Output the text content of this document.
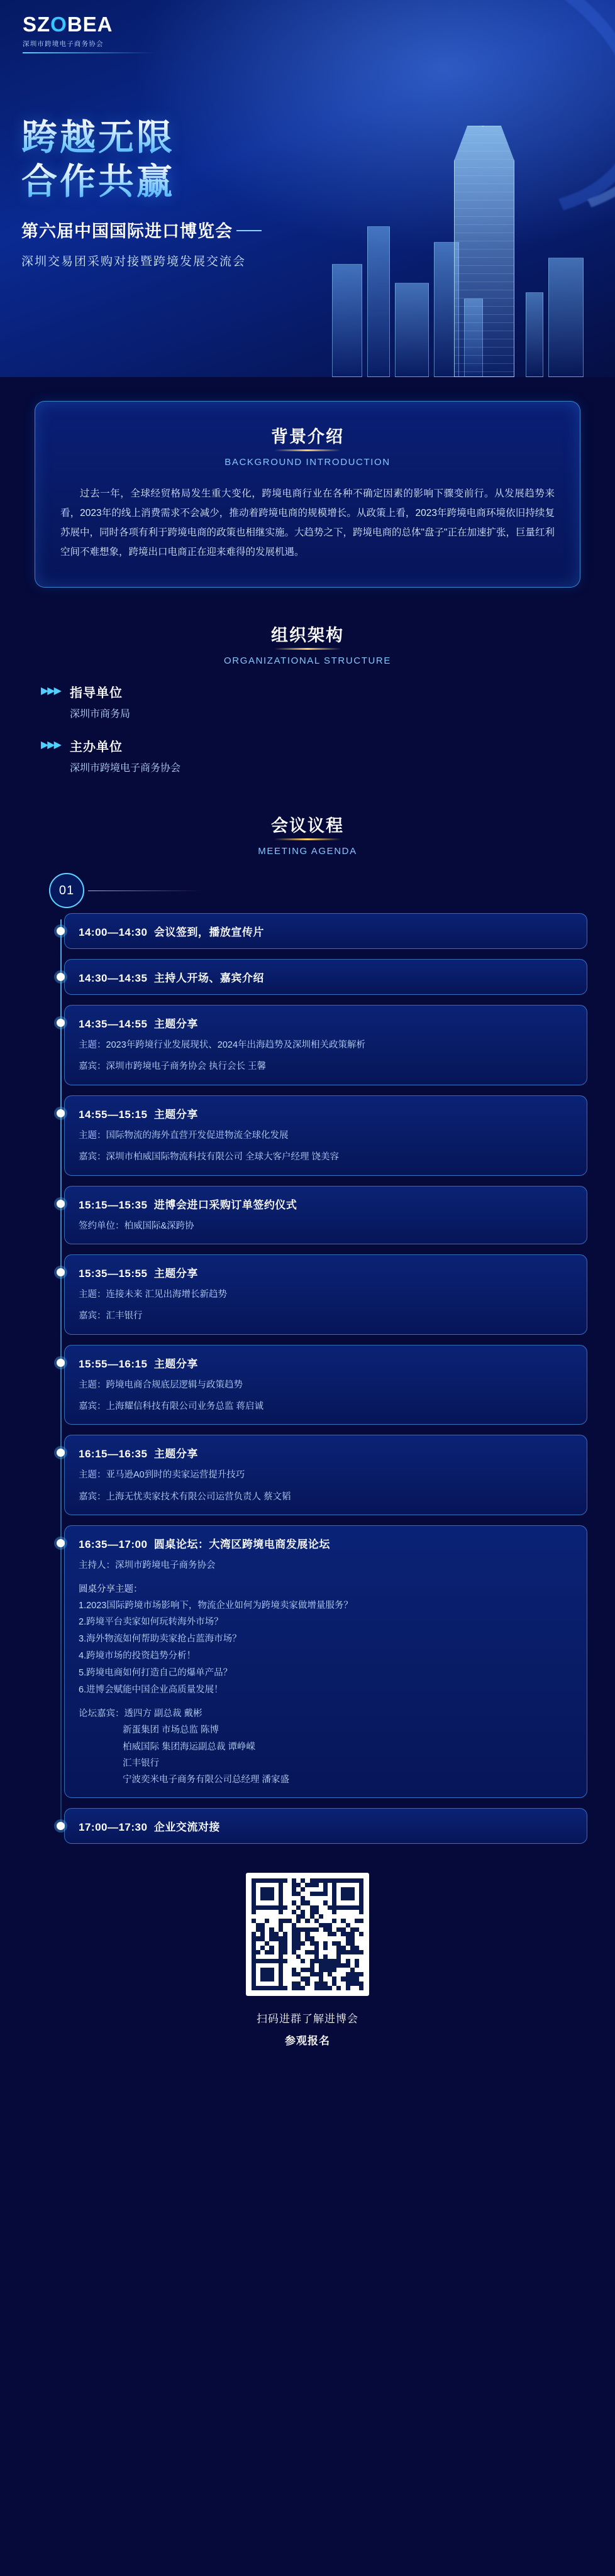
SZOBEA
深圳市跨境电子商务协会
跨越无限
合作共赢
第六届中国国际进口博览会
深圳交易团采购对接暨跨境发展交流会
背景介绍
BACKGROUND INTRODUCTION
过去一年，全球经贸格局发生重大变化，跨境电商行业在各种不确定因素的影响下骤变前行。从发展趋势来看，2023年的线上消费需求不会减少，推动着跨境电商的规模增长。从政策上看，2023年跨境电商环境依旧持续复苏展中，同时各项有利于跨境电商的政策也相继实施。大趋势之下，跨境电商的总体"盘子"正在加速扩张，巨量红利空间不难想象，跨境出口电商正在迎来难得的发展机遇。
组织架构
ORGANIZATIONAL STRUCTURE
▶▶▶ 指导单位
深圳市商务局
▶▶▶ 主办单位
深圳市跨境电子商务协会
会议议程
MEETING AGENDA
01
14:00—14:30 会议签到，播放宣传片
14:30—14:35 主持人开场、嘉宾介绍
14:35—14:55 主题分享
主题：2023年跨境行业发展现状、2024年出海趋势及深圳相关政策解析
嘉宾：深圳市跨境电子商务协会 执行会长 王馨
14:55—15:15 主题分享
主题：国际物流的海外直营开发促进物流全球化发展
嘉宾：深圳市柏威国际物流科技有限公司 全球大客户经理 饶美容
15:15—15:35 进博会进口采购订单签约仪式
签约单位：柏威国际&深跨协
15:35—15:55 主题分享
主题：连接未来 汇见出海增长新趋势
嘉宾：汇丰银行
15:55—16:15 主题分享
主题：跨境电商合规底层逻辑与政策趋势
嘉宾：上海耀信科技有限公司业务总监 蒋启诚
16:15—16:35 主题分享
主题：亚马逊A0到时的卖家运营提升技巧
嘉宾：上海无忧卖家技术有限公司运营负责人 蔡文韬
16:35—17:00 圆桌论坛：大湾区跨境电商发展论坛
主持人：深圳市跨境电子商务协会
圆桌分享主题：
1.2023国际跨境市场影响下，物流企业如何为跨境卖家做增量服务？
2.跨境平台卖家如何玩转海外市场？
3.海外物流如何帮助卖家抢占蓝海市场？
4.跨境市场的投资趋势分析！
5.跨境电商如何打造自己的爆单产品？
6.进博会赋能中国企业高质量发展！
论坛嘉宾：透四方 副总裁 戴彬
新蛋集团 市场总监 陈博
柏威国际 集团海运副总裁 谭峥嵘
汇丰银行
宁波奕米电子商务有限公司总经理 潘家盛
17:00—17:30 企业交流对接
扫码进群了解进博会
参观报名
